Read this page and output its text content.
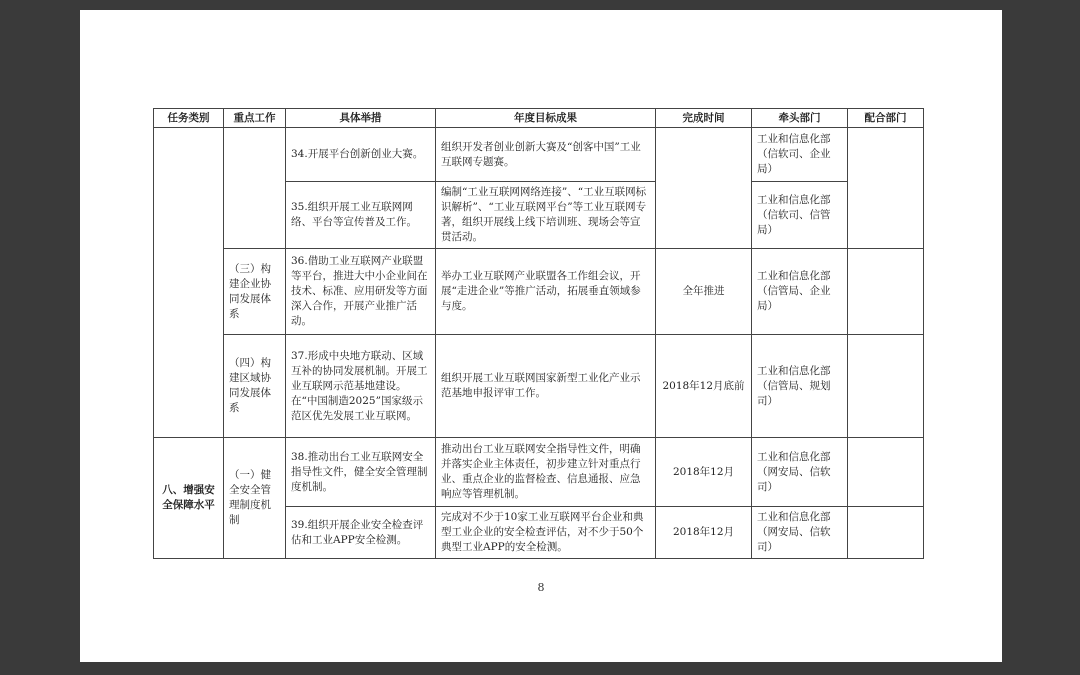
任务类别	重点工作	具体举措	年度目标成果	完成时间	牵头部门	配合部门
		34.开展平台创新创业大赛。	组织开发者创业创新大赛及“创客中国”工业互联网专题赛。		工业和信息化部（信软司、企业局）	
		35.组织开展工业互联网网络、平台等宣传普及工作。	编制“工业互联网网络连接”、“工业互联网标识解析”、“工业互联网平台”等工业互联网专著，组织开展线上线下培训班、现场会等宣贯活动。		工业和信息化部（信软司、信管局）	
	（三）构建企业协同发展体系	36.借助工业互联网产业联盟等平台，推进大中小企业间在技术、标准、应用研发等方面深入合作，开展产业推广活动。	举办工业互联网产业联盟各工作组会议，开展“走进企业”等推广活动，拓展垂直领域参与度。	全年推进	工业和信息化部（信管局、企业局）	
	（四）构建区域协同发展体系	37.形成中央地方联动、区域互补的协同发展机制。开展工业互联网示范基地建设。在“中国制造2025”国家级示范区优先发展工业互联网。	组织开展工业互联网国家新型工业化产业示范基地申报评审工作。	2018年12月底前	工业和信息化部（信管局、规划司）	
八、增强安全保障水平	（一）健全安全管理制度机制	38.推动出台工业互联网安全指导性文件，健全安全管理制度机制。	推动出台工业互联网安全指导性文件，明确并落实企业主体责任，初步建立针对重点行业、重点企业的监督检查、信息通报、应急响应等管理机制。	2018年12月	工业和信息化部（网安局、信软司）	
		39.组织开展企业安全检查评估和工业APP安全检测。	完成对不少于10家工业互联网平台企业和典型工业企业的安全检查评估，对不少于50个典型工业APP的安全检测。	2018年12月	工业和信息化部（网安局、信软司）	
8
